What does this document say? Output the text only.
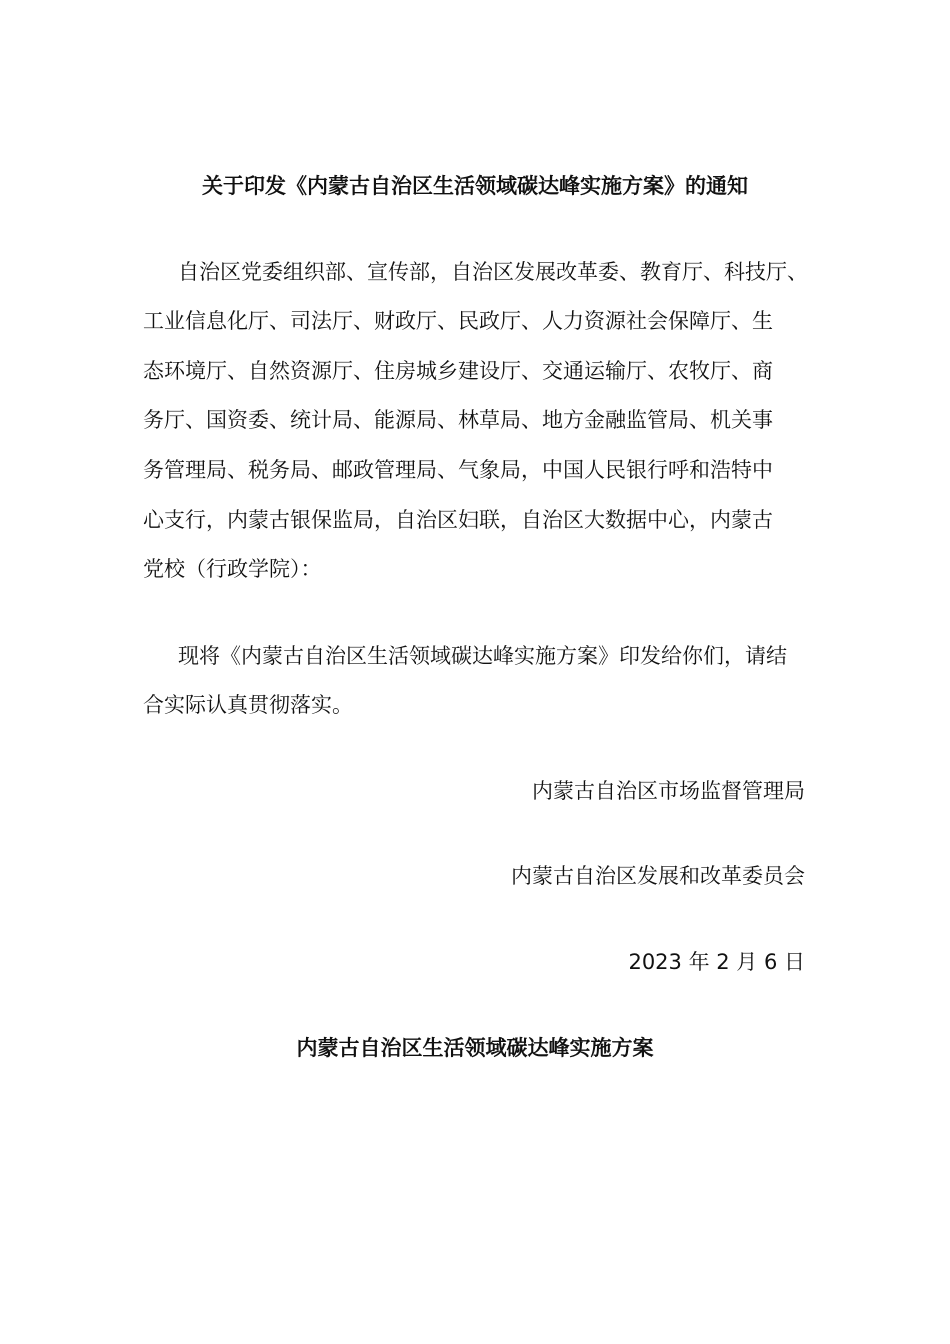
关于印发《内蒙古自治区生活领域碳达峰实施方案》的通知
自治区党委组织部、宣传部，自治区发展改革委、教育厅、科技厅、
工业信息化厅、司法厅、财政厅、民政厅、人力资源社会保障厅、生
态环境厅、自然资源厅、住房城乡建设厅、交通运输厅、农牧厅、商
务厅、国资委、统计局、能源局、林草局、地方金融监管局、机关事
务管理局、税务局、邮政管理局、气象局，中国人民银行呼和浩特中
心支行，内蒙古银保监局，自治区妇联，自治区大数据中心，内蒙古
党校（行政学院）：
现将《内蒙古自治区生活领域碳达峰实施方案》印发给你们，请结
合实际认真贯彻落实。
内蒙古自治区市场监督管理局
内蒙古自治区发展和改革委员会
2023 年 2 月 6 日
内蒙古自治区生活领域碳达峰实施方案
